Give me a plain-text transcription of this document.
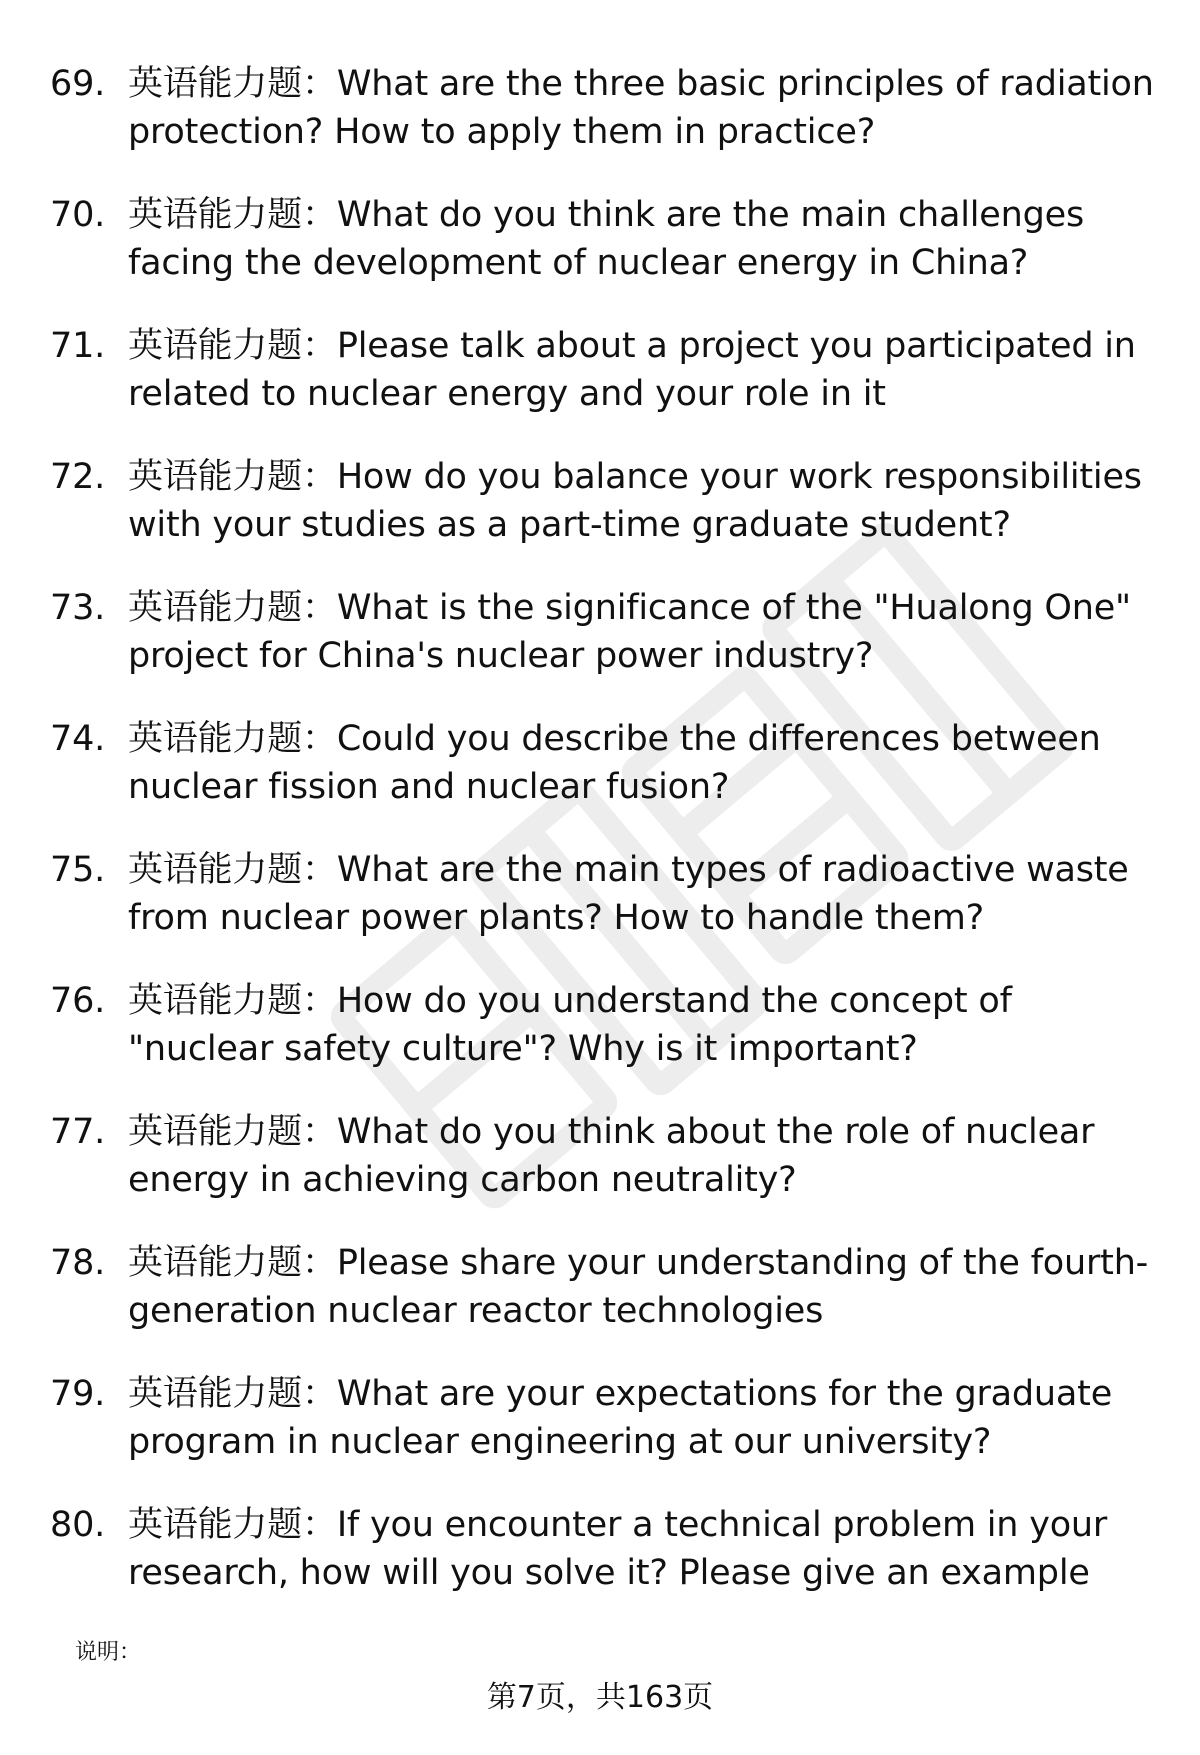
69. 英语能力题：What are the three basic principles of radiation protection? How to apply them in practice?
70. 英语能力题：What do you think are the main challenges facing the development of nuclear energy in China?
71. 英语能力题：Please talk about a project you participated in related to nuclear energy and your role in it
72. 英语能力题：How do you balance your work responsibilities with your studies as a part-time graduate student?
73. 英语能力题：What is the significance of the "Hualong One" project for China's nuclear power industry?
74. 英语能力题：Could you describe the differences between nuclear fission and nuclear fusion?
75. 英语能力题：What are the main types of radioactive waste from nuclear power plants? How to handle them?
76. 英语能力题：How do you understand the concept of "nuclear safety culture"? Why is it important?
77. 英语能力题：What do you think about the role of nuclear energy in achieving carbon neutrality?
78. 英语能力题：Please share your understanding of the fourth-generation nuclear reactor technologies
79. 英语能力题：What are your expectations for the graduate program in nuclear engineering at our university?
80. 英语能力题：If you encounter a technical problem in your research, how will you solve it? Please give an example
说明：
第7页，共163页
